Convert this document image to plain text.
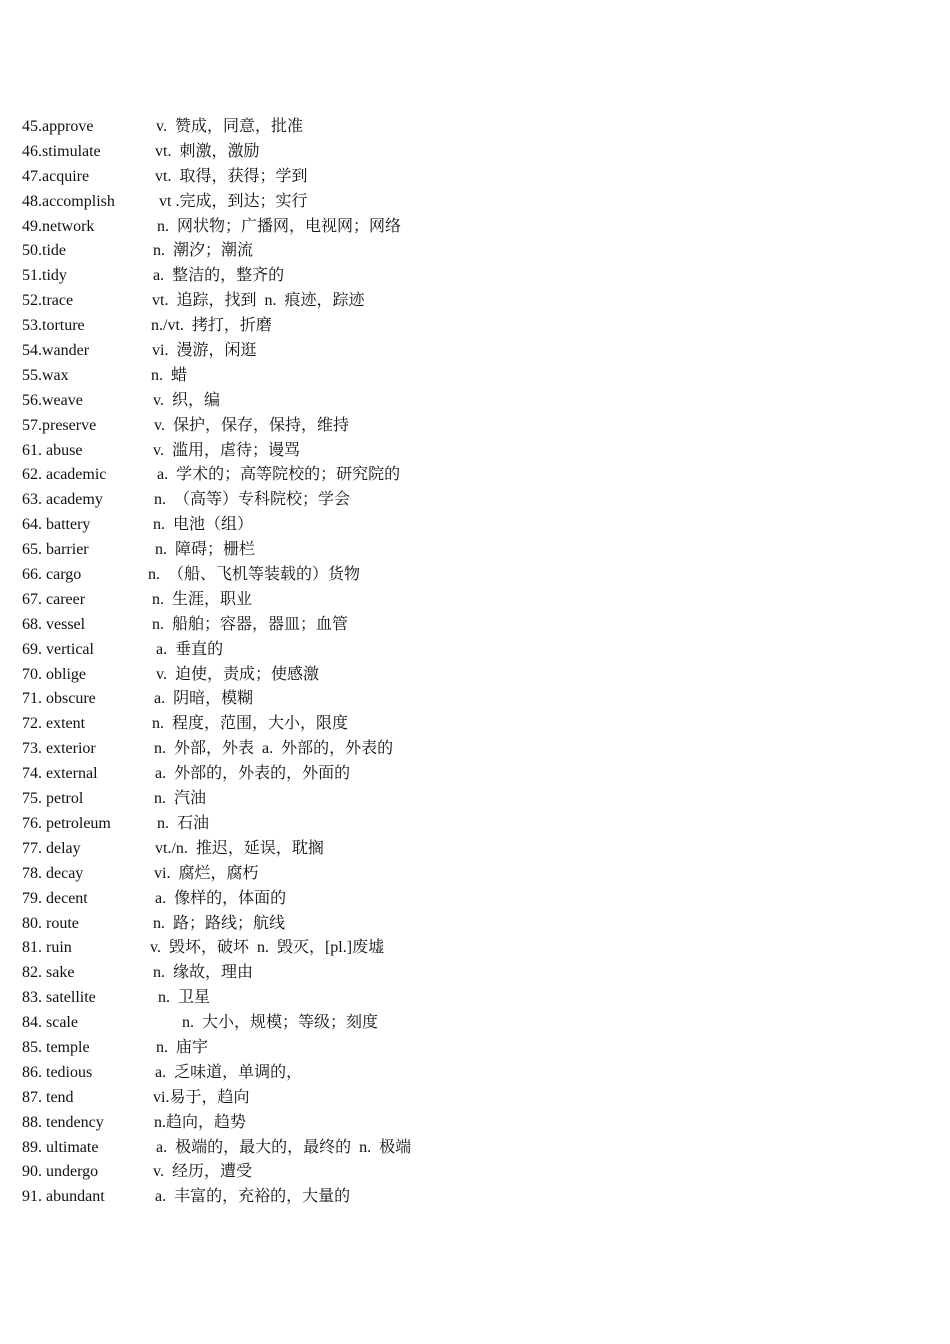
45.approve	v.  赞成，同意，批准
46.stimulate	vt.  刺激，激励
47.acquire	vt.  取得，获得；学到
48.accomplish	vt .完成，到达；实行
49.network	n.  网状物；广播网，电视网；网络
50.tide	n.  潮汐；潮流
51.tidy	a.  整洁的，整齐的
52.trace	vt.  追踪，找到  n.  痕迹，踪迹
53.torture	n./vt.  拷打，折磨
54.wander	vi.  漫游，闲逛
55.wax	n.  蜡
56.weave	v.  织，编
57.preserve	v.  保护，保存，保持，维持
61. abuse	v.  滥用，虐待；谩骂
62. academic	a.  学术的；高等院校的；研究院的
63. academy	n.  （高等）专科院校；学会
64. battery	n.  电池（组）
65. barrier	n.  障碍；栅栏
66. cargo	n.  （船、飞机等装载的）货物
67. career	n.  生涯，职业
68. vessel	n.  船舶；容器，器皿；血管
69. vertical	a.  垂直的
70. oblige	v.  迫使，责成；使感激
71. obscure	a.  阴暗，模糊
72. extent	n.  程度，范围，大小，限度
73. exterior	n.  外部，外表  a.  外部的，外表的
74. external	a.  外部的，外表的，外面的
75. petrol	n.  汽油
76. petroleum	n.  石油
77. delay	vt./n.  推迟，延误，耽搁
78. decay	vi.  腐烂，腐朽
79. decent	a.  像样的，体面的
80. route	n.  路；路线；航线
81. ruin	v.  毁坏，破坏  n.  毁灭，[pl.]废墟
82. sake	n.  缘故，理由
83. satellite	n.  卫星
84. scale	n.  大小，规模；等级；刻度
85. temple	n.  庙宇
86. tedious	a.  乏味道，单调的，
87. tend	vi.易于，趋向
88. tendency	n.趋向，趋势
89. ultimate	a.  极端的，最大的，最终的  n.  极端
90. undergo	v.  经历，遭受
91. abundant	a.  丰富的，充裕的，大量的
